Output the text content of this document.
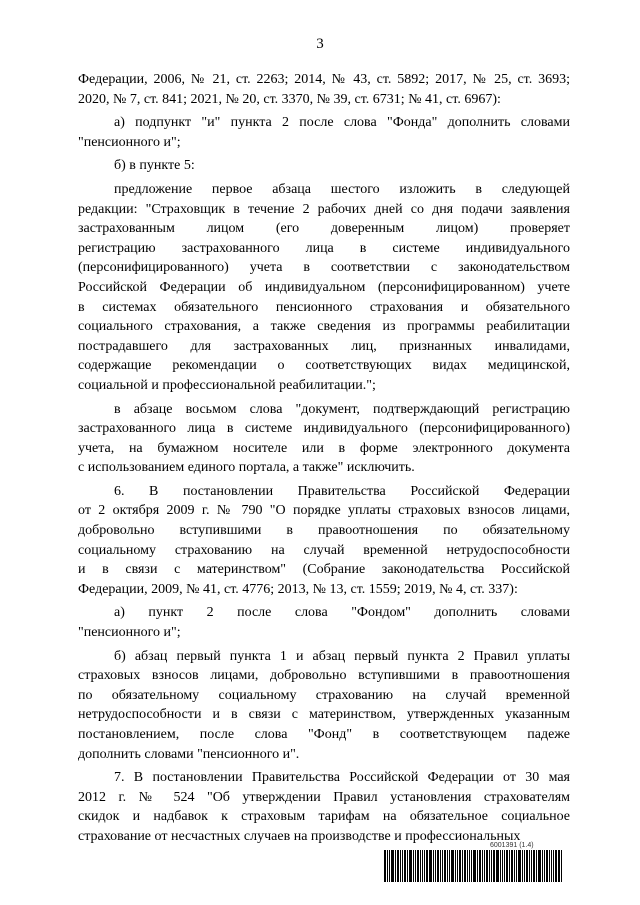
3

Федерации, 2006, № 21, ст. 2263; 2014, № 43, ст. 5892; 2017, № 25, ст. 3693;
2020, № 7, ст. 841; 2021, № 20, ст. 3370, № 39, ст. 6731; № 41, ст. 6967):

а) подпункт "и" пункта 2 после слова "Фонда" дополнить словами
"пенсионного и";

б) в пункте 5:

предложение первое абзаца шестого изложить в следующей
редакции: "Страховщик в течение 2 рабочих дней со дня подачи заявления
застрахованным лицом (его доверенным лицом) проверяет
регистрацию застрахованного лица в системе индивидуального
(персонифицированного) учета в соответствии с законодательством
Российской Федерации об индивидуальном (персонифицированном) учете
в системах обязательного пенсионного страхования и обязательного
социального страхования, а также сведения из программы реабилитации
пострадавшего для застрахованных лиц, признанных инвалидами,
содержащие рекомендации о соответствующих видах медицинской,
социальной и профессиональной реабилитации.";

в абзаце восьмом слова "документ, подтверждающий регистрацию
застрахованного лица в системе индивидуального (персонифицированного)
учета, на бумажном носителе или в форме электронного документа
с использованием единого портала, а также" исключить.

6. В постановлении Правительства Российской Федерации
от 2 октября 2009 г. № 790 "О порядке уплаты страховых взносов лицами,
добровольно вступившими в правоотношения по обязательному
социальному страхованию на случай временной нетрудоспособности
и в связи с материнством" (Собрание законодательства Российской
Федерации, 2009, № 41, ст. 4776; 2013, № 13, ст. 1559; 2019, № 4, ст. 337):

а) пункт 2 после слова "Фондом" дополнить словами
"пенсионного и";

б) абзац первый пункта 1 и абзац первый пункта 2 Правил уплаты
страховых взносов лицами, добровольно вступившими в правоотношения
по обязательному социальному страхованию на случай временной
нетрудоспособности и в связи с материнством, утвержденных указанным
постановлением, после слова "Фонд" в соответствующем падеже
дополнить словами "пенсионного и".

7. В постановлении Правительства Российской Федерации от 30 мая
2012 г. № 524 "Об утверждении Правил установления страхователям
скидок и надбавок к страховым тарифам на обязательное социальное
страхование от несчастных случаев на производстве и профессиональных

6001391 (1.4)
